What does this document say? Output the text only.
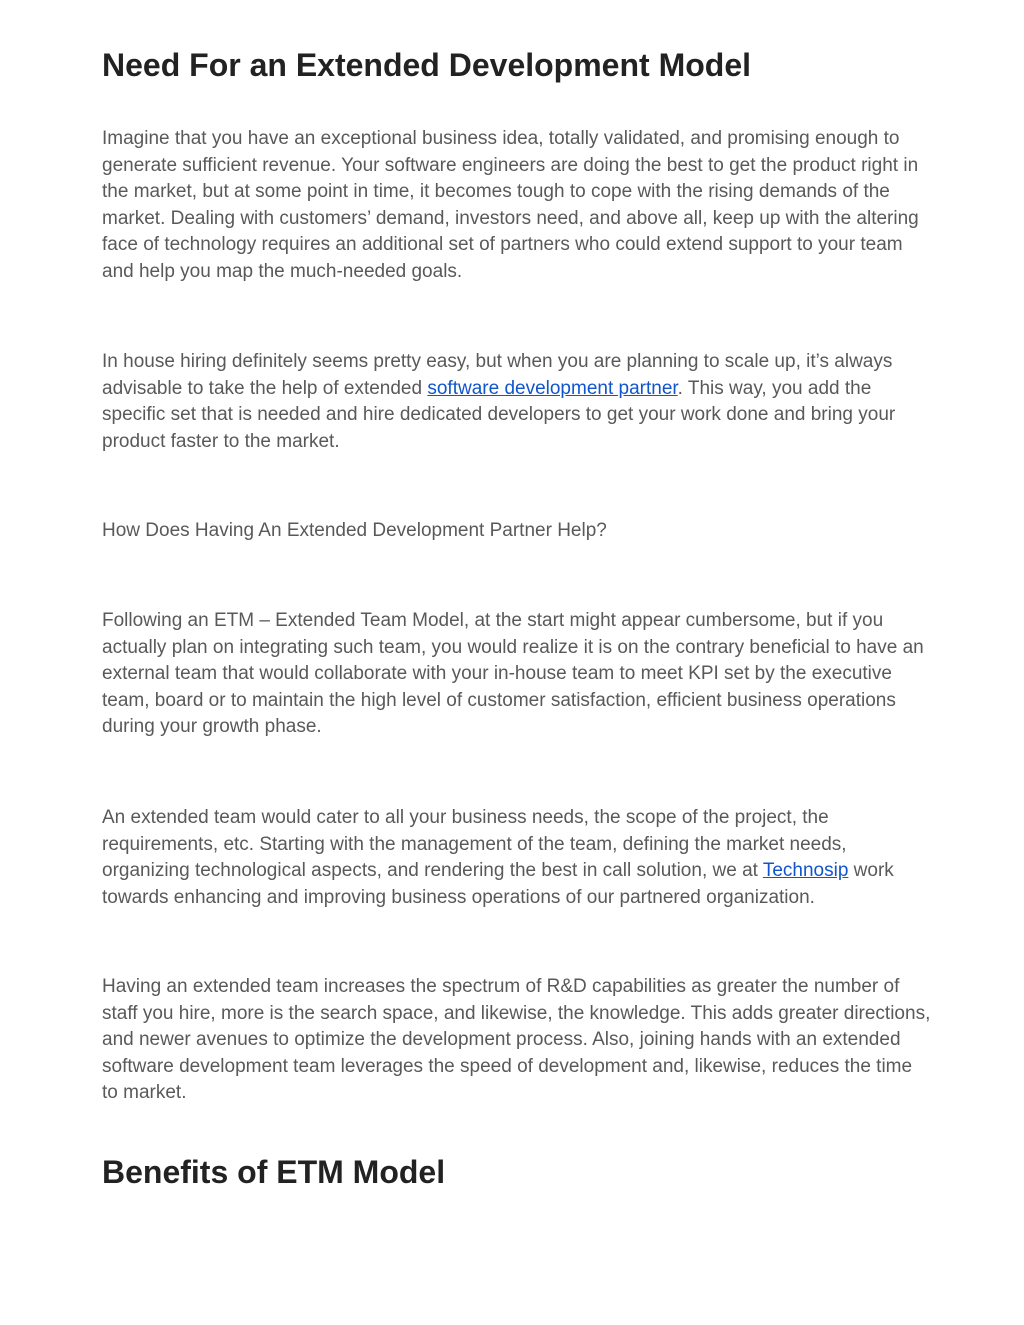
Need For an Extended Development Model

Imagine that you have an exceptional business idea, totally validated, and promising enough to generate sufficient revenue. Your software engineers are doing the best to get the product right in the market, but at some point in time, it becomes tough to cope with the rising demands of the market. Dealing with customers’ demand, investors need, and above all, keep up with the altering face of technology requires an additional set of partners who could extend support to your team and help you map the much-needed goals.

In house hiring definitely seems pretty easy, but when you are planning to scale up, it’s always advisable to take the help of extended software development partner. This way, you add the specific set that is needed and hire dedicated developers to get your work done and bring your product faster to the market.

How Does Having An Extended Development Partner Help?

Following an ETM – Extended Team Model, at the start might appear cumbersome, but if you actually plan on integrating such team, you would realize it is on the contrary beneficial to have an external team that would collaborate with your in-house team to meet KPI set by the executive team, board or to maintain the high level of customer satisfaction, efficient business operations during your growth phase.

An extended team would cater to all your business needs, the scope of the project, the requirements, etc. Starting with the management of the team, defining the market needs, organizing technological aspects, and rendering the best in call solution, we at Technosip work towards enhancing and improving business operations of our partnered organization.

Having an extended team increases the spectrum of R&D capabilities as greater the number of staff you hire, more is the search space, and likewise, the knowledge. This adds greater directions, and newer avenues to optimize the development process. Also, joining hands with an extended software development team leverages the speed of development and, likewise, reduces the time to market.

Benefits of ETM Model
